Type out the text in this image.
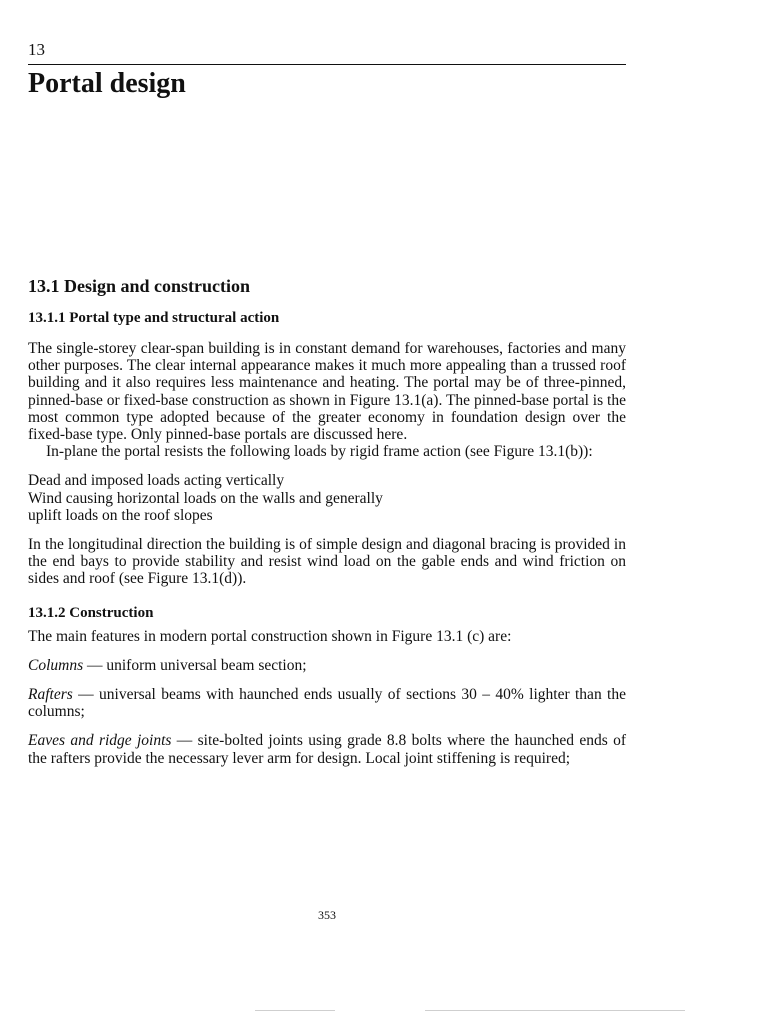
13

Portal design
13.1 Design and construction
13.1.1 Portal type and structural action

The single-storey clear-span building is in constant demand for warehouses, factories and many other purposes. The clear internal appearance makes it much more appealing than a trussed roof building and it also requires less maintenance and heating. The portal may be of three-pinned, pinned-base or fixed-base construction as shown in Figure 13.1(a). The pinned-base portal is the most common type adopted because of the greater economy in foundation design over the fixed-base type. Only pinned-base portals are discussed here.

In-plane the portal resists the following loads by rigid frame action (see Figure 13.1(b)):

Dead and imposed loads acting vertically

Wind causing horizontal loads on the walls and generally

uplift loads on the roof slopes

In the longitudinal direction the building is of simple design and diagonal bracing is provided in the end bays to provide stability and resist wind load on the gable ends and wind friction on sides and roof (see Figure 13.1(d)).

13.1.2 Construction

The main features in modern portal construction shown in Figure 13.1 (c) are:

Columns — uniform universal beam section;

Rafters — universal beams with haunched ends usually of sections 30 – 40% lighter than the columns;

Eaves and ridge joints — site-bolted joints using grade 8.8 bolts where the haunched ends of the rafters provide the necessary lever arm for design. Local joint stiffening is required;

353
